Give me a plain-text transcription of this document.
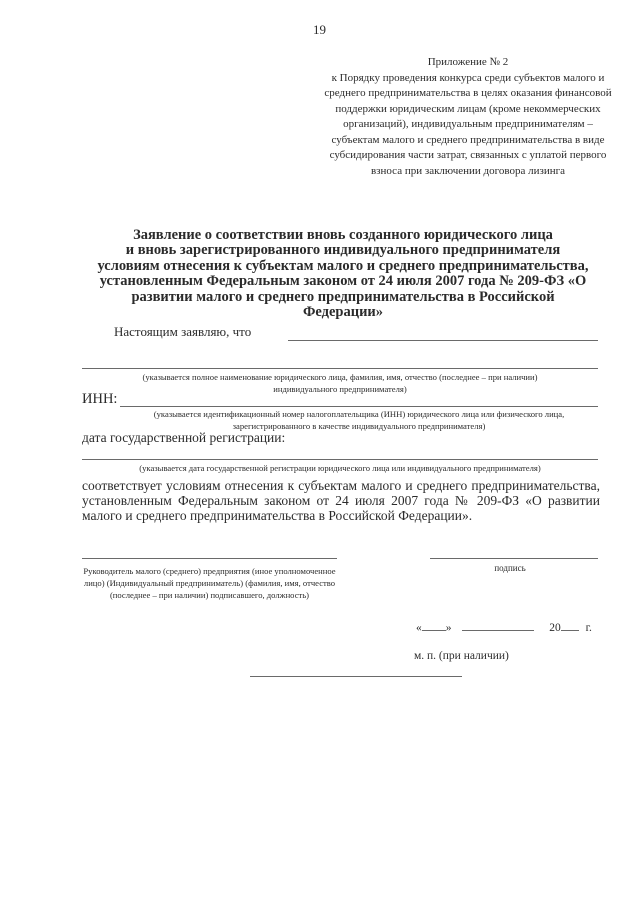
19
Приложение № 2
к Порядку проведения конкурса среди субъектов малого и среднего предпринимательства в целях оказания финансовой поддержки юридическим лицам (кроме некоммерческих организаций), индивидуальным предпринимателям – субъектам малого и среднего предпринимательства в виде субсидирования части затрат, связанных с уплатой первого взноса при заключении договора лизинга
Заявление о соответствии вновь созданного юридического лица
и вновь зарегистрированного индивидуального предпринимателя
условиям отнесения к субъектам малого и среднего предпринимательства,
установленным Федеральным законом от 24 июля 2007 года № 209-ФЗ «О
развитии малого и среднего предпринимательства в Российской
Федерации»
Настоящим заявляю, что
(указывается полное наименование юридического лица, фамилия, имя, отчество (последнее – при наличии)
индивидуального предпринимателя)
ИНН:
(указывается идентификационный номер налогоплательщика (ИНН) юридического лица или физического лица,
зарегистрированного в качестве индивидуального предпринимателя)
дата государственной регистрации:
(указывается дата государственной регистрации юридического лица или индивидуального предпринимателя)
соответствует условиям отнесения к субъектам малого и среднего предпринимательства, установленным Федеральным законом от 24 июля 2007 года № 209-ФЗ «О развитии малого и среднего предпринимательства в Российской Федерации».
Руководитель малого (среднего) предприятия (иное уполномоченное лицо) (Индивидуальный предприниматель) (фамилия, имя, отчество (последнее – при наличии) подписавшего, должность)
подпись
« »	20 г.
м. п. (при наличии)
